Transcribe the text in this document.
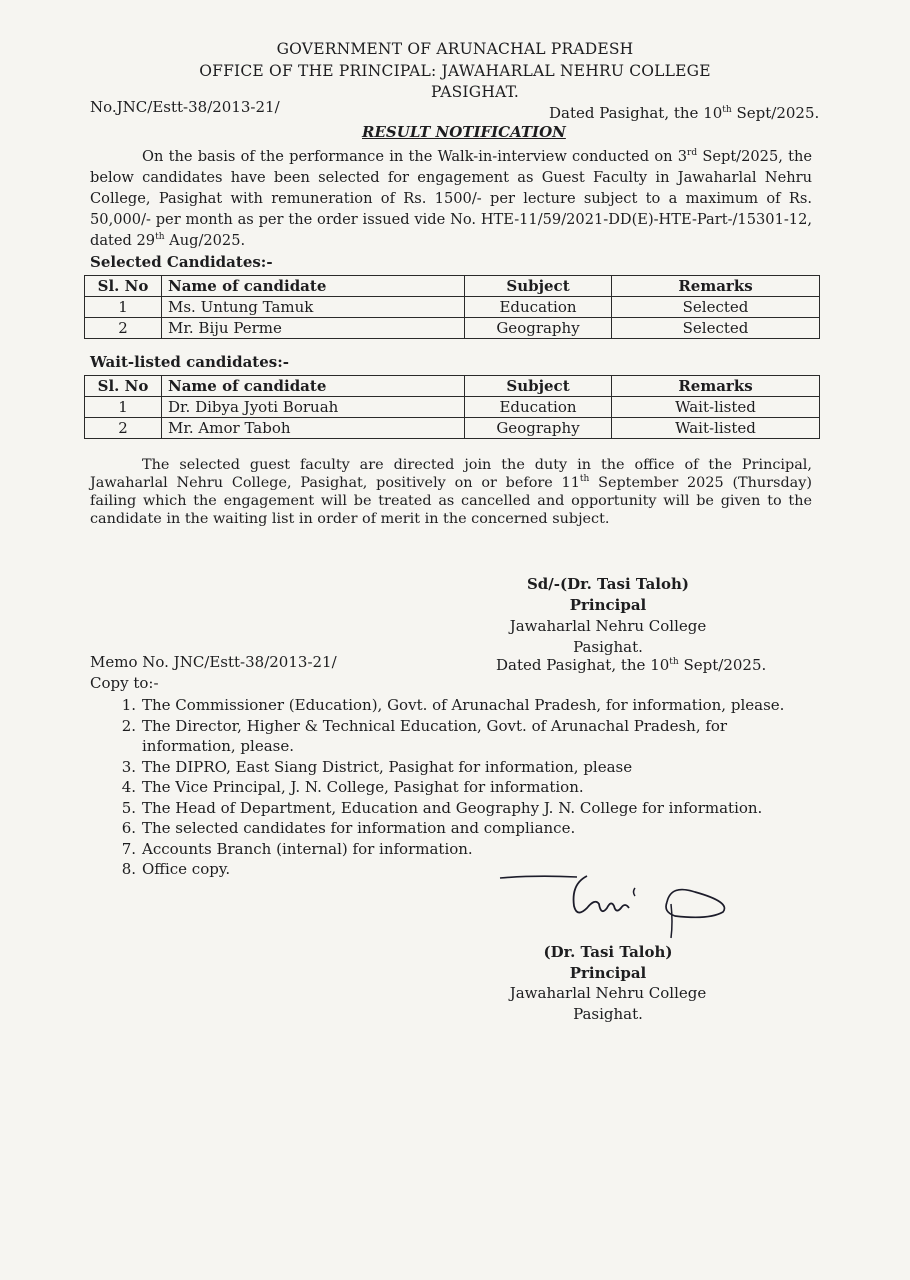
GOVERNMENT OF ARUNACHAL PRADESH
OFFICE OF THE PRINCIPAL: JAWAHARLAL NEHRU COLLEGE
PASIGHAT.
No.JNC/Estt-38/2013-21/	Dated Pasighat, the 10th Sept/2025.
RESULT NOTIFICATION
On the basis of the performance in the Walk-in-interview conducted on 3rd Sept/2025, the below candidates have been selected for engagement as Guest Faculty in Jawaharlal Nehru College, Pasighat with remuneration of Rs. 1500/- per lecture subject to a maximum of Rs. 50,000/- per month as per the order issued vide No. HTE-11/59/2021-DD(E)-HTE-Part-/15301-12, dated 29th Aug/2025.
Selected Candidates:-
Sl. No	Name of candidate	Subject	Remarks
1	Ms. Untung Tamuk	Education	Selected
2	Mr. Biju Perme	Geography	Selected
Wait-listed candidates:-
Sl. No	Name of candidate	Subject	Remarks
1	Dr. Dibya Jyoti Boruah	Education	Wait-listed
2	Mr. Amor Taboh	Geography	Wait-listed
The selected guest faculty are directed join the duty in the office of the Principal, Jawaharlal Nehru College, Pasighat, positively on or before 11th September 2025 (Thursday) failing which the engagement will be treated as cancelled and opportunity will be given to the candidate in the waiting list in order of merit in the concerned subject.
Sd/-(Dr. Tasi Taloh)
Principal
Jawaharlal Nehru College
Pasighat.
Memo No. JNC/Estt-38/2013-21/	Dated Pasighat, the 10th Sept/2025.
Copy to:-
1. The Commissioner (Education), Govt. of Arunachal Pradesh, for information, please.
2. The Director, Higher & Technical Education, Govt. of Arunachal Pradesh, for information, please.
3. The DIPRO, East Siang District, Pasighat for information, please
4. The Vice Principal, J. N. College, Pasighat for information.
5. The Head of Department, Education and Geography J. N. College for information.
6. The selected candidates for information and compliance.
7. Accounts Branch (internal) for information.
8. Office copy.
(Dr. Tasi Taloh)
Principal
Jawaharlal Nehru College
Pasighat.
